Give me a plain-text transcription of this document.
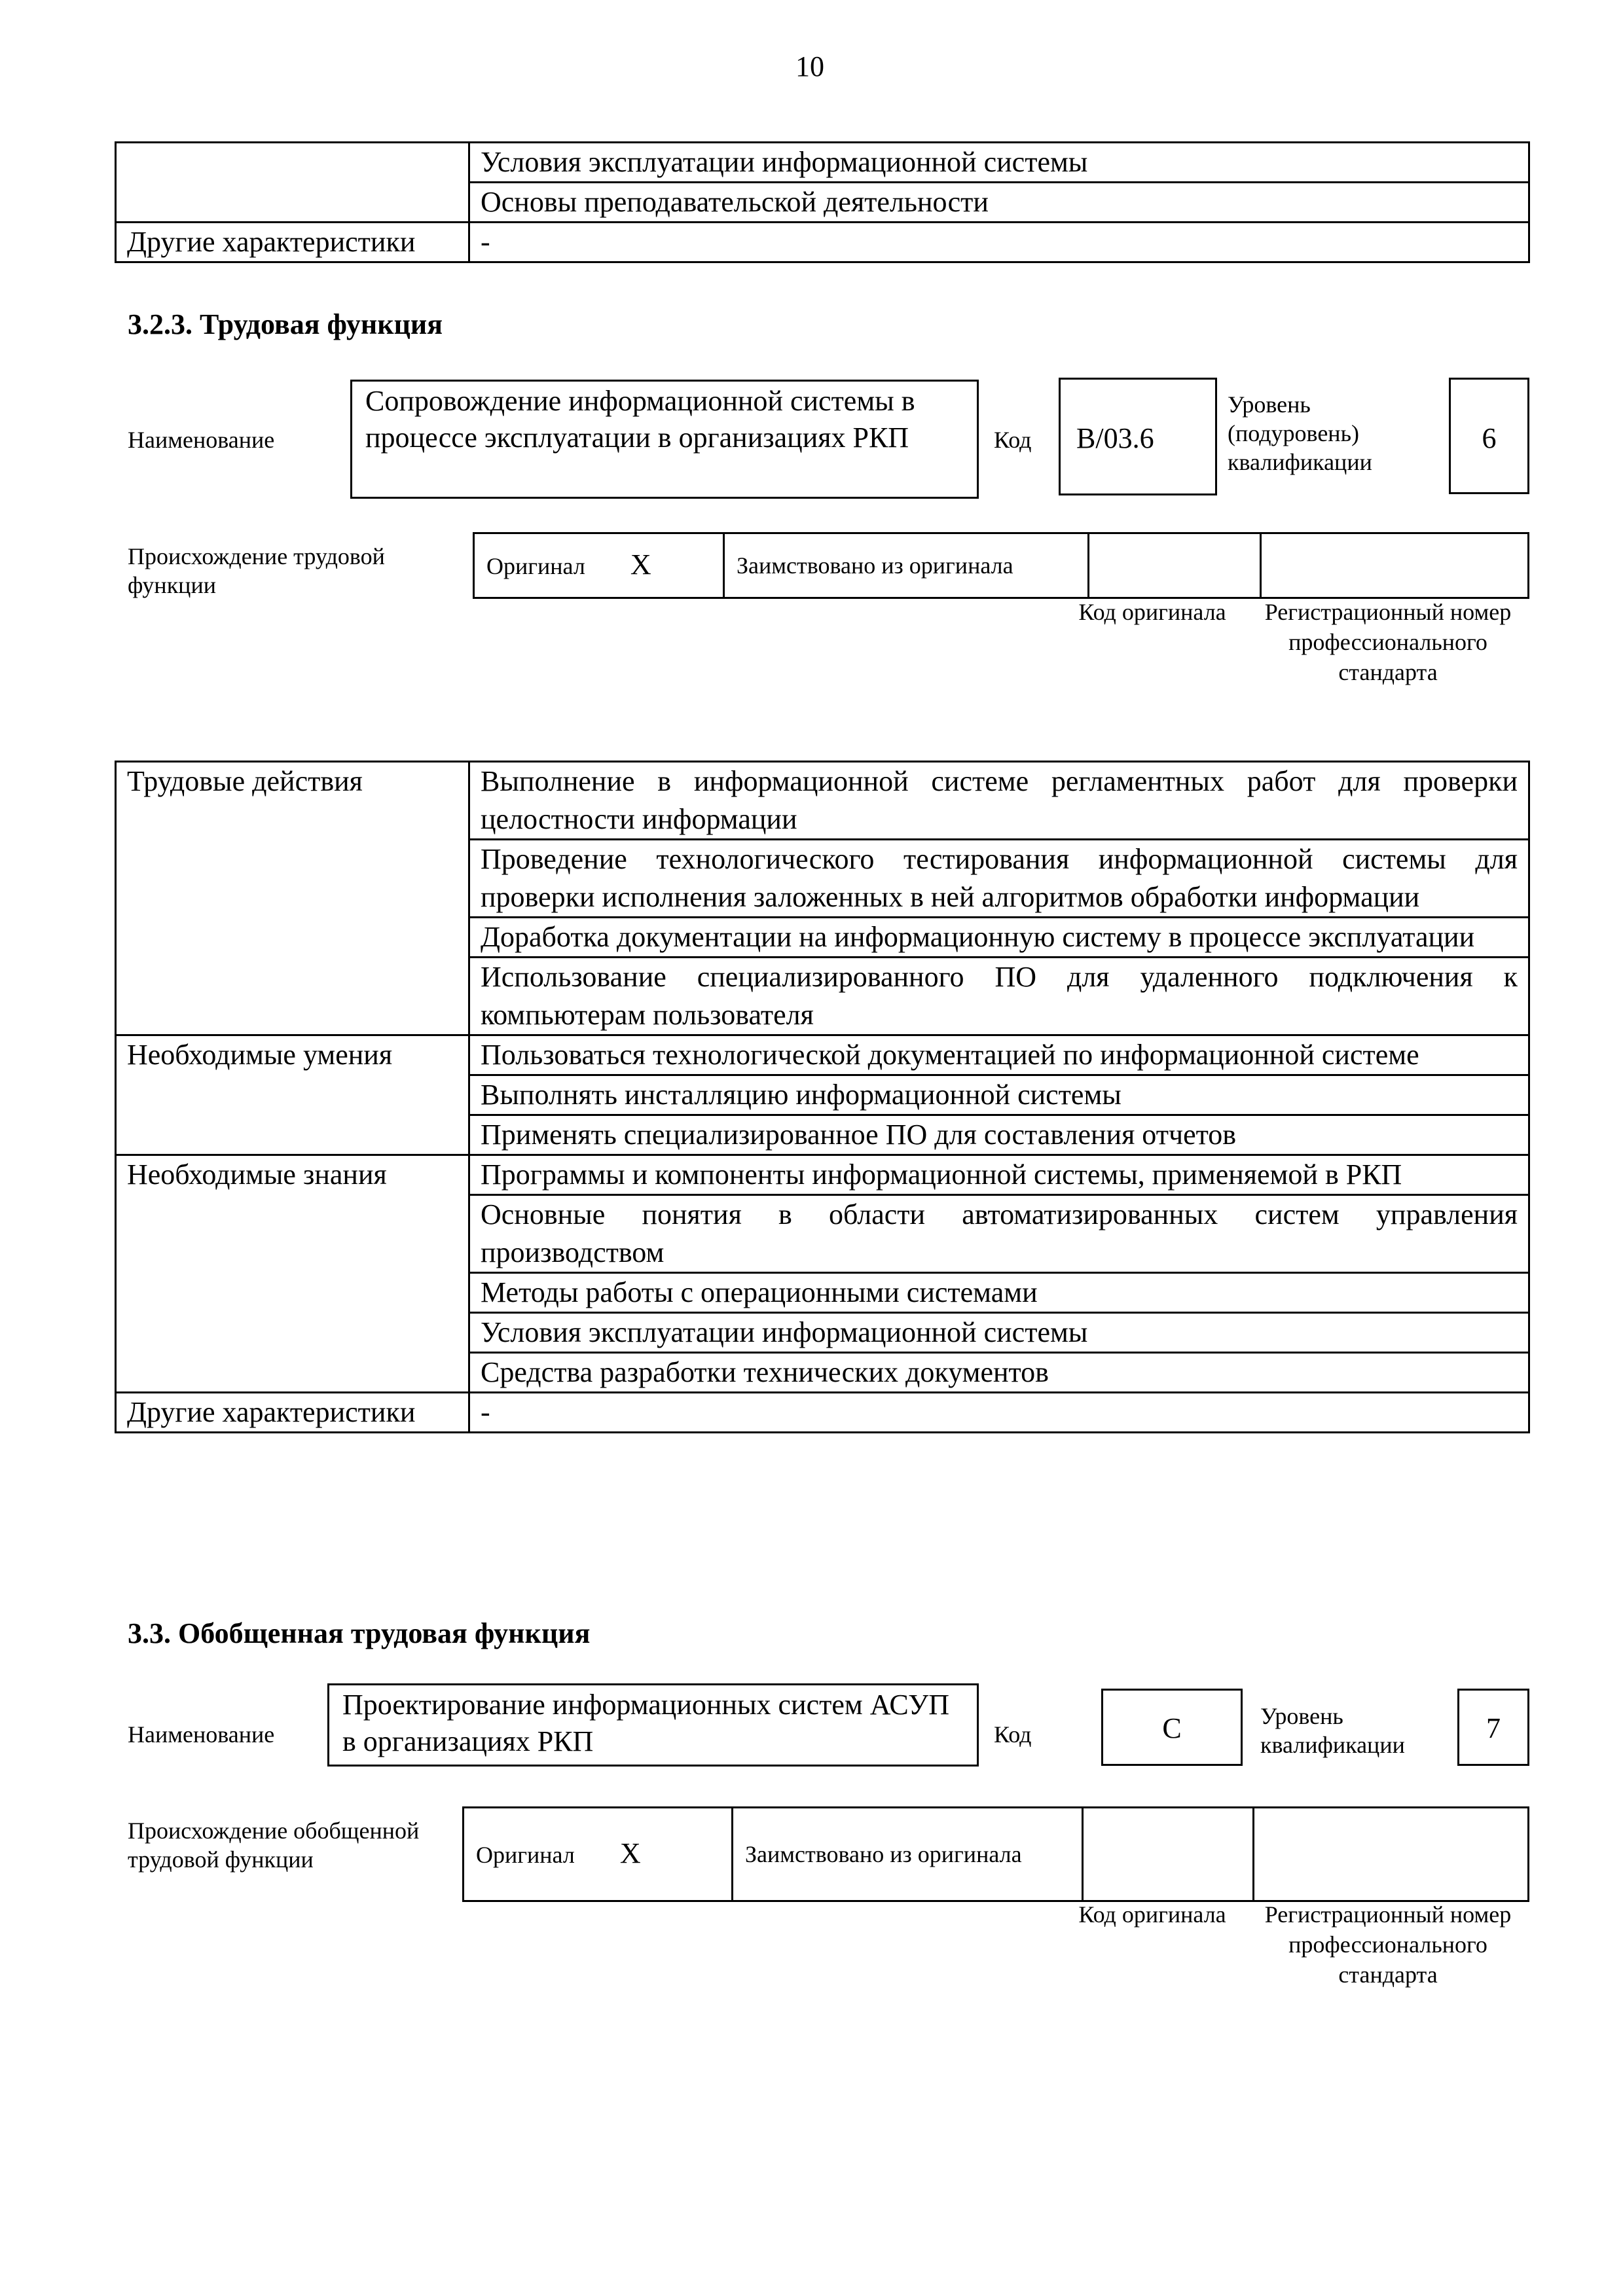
10
	Условия эксплуатации информационной системы
	Основы преподавательской деятельности
Другие характеристики	-
3.2.3. Трудовая функция
Наименование
Сопровождение информационной системы в процессе эксплуатации в организациях РКП	Код	B/03.6
Уровень (подуровень) квалификации
6
Происхождение трудовой функции
Оригинал X	Заимствовано из оригинала		
Код оригинала	Регистрационный номер профессионального стандарта
Трудовые действия	Выполнение в информационной системе регламентных работ для проверки целостности информации
	Проведение технологического тестирования информационной системы для проверки исполнения заложенных в ней алгоритмов обработки информации
	Доработка документации на информационную систему в процессе эксплуатации
	Использование специализированного ПО для удаленного подключения к компьютерам пользователя
Необходимые умения	Пользоваться технологической документацией по информационной системе
	Выполнять инсталляцию информационной системы
	Применять специализированное ПО для составления отчетов
Необходимые знания	Программы и компоненты информационной системы, применяемой в РКП
	Основные понятия в области автоматизированных систем управления производством
	Методы работы с операционными системами
	Условия эксплуатации информационной системы
	Средства разработки технических документов
Другие характеристики	-
3.3. Обобщенная трудовая функция
Наименование
Проектирование информационных систем АСУП в организациях РКП	Код	C	Уровень квалификации
7
Происхождение обобщенной трудовой функции	Оригинал X	Заимствовано из оригинала		
Код оригинала	Регистрационный номер профессионального стандарта
